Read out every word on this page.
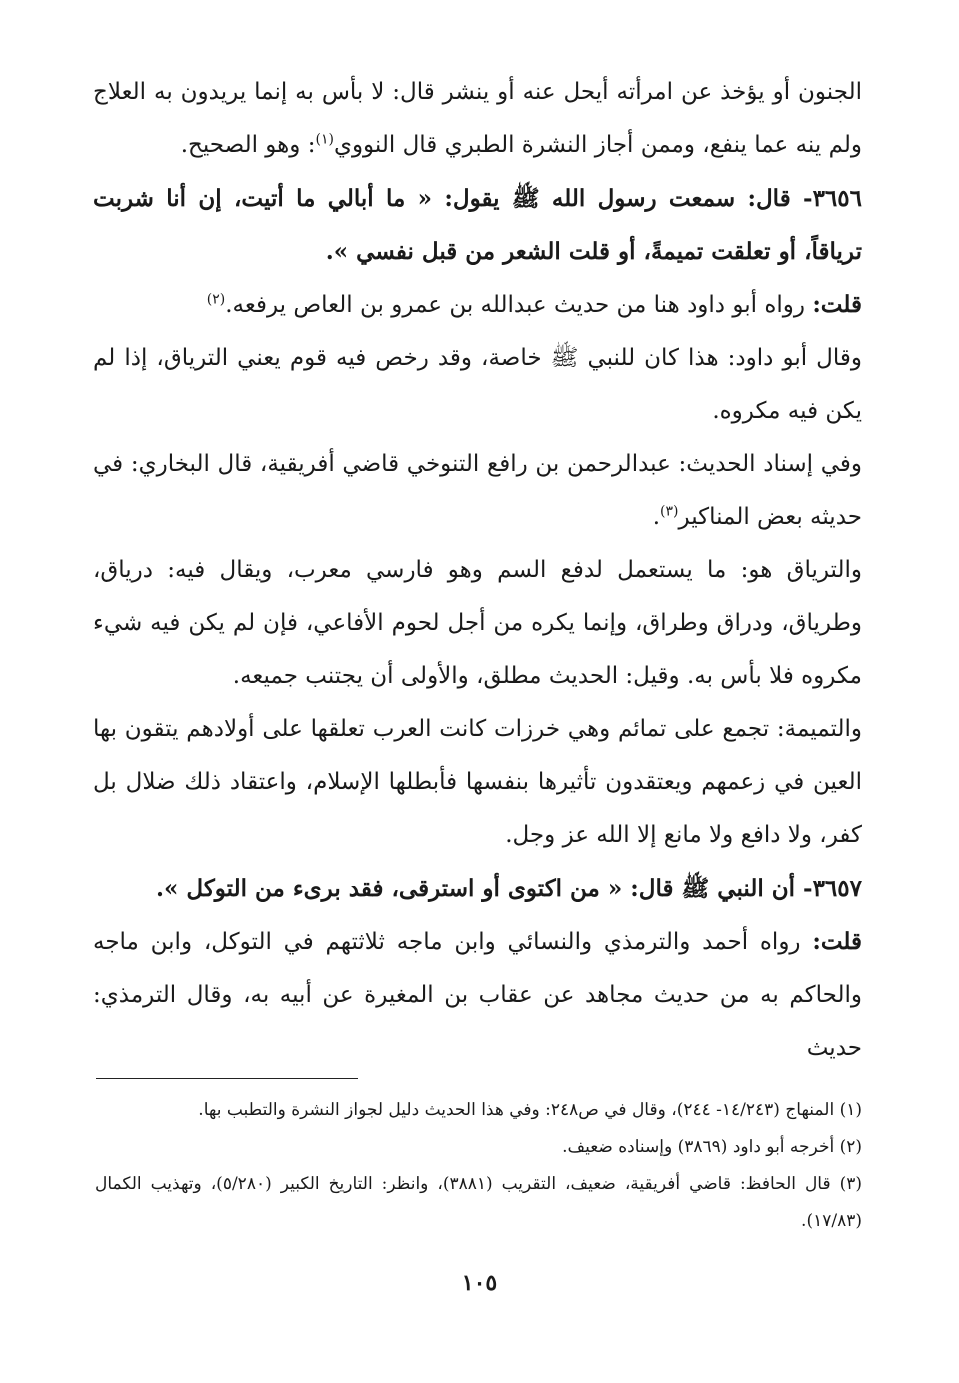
الجنون أو يؤخذ عن امرأته أيحل عنه أو ينشر قال: لا بأس به إنما يريدون به العلاج ولم ينه عما ينفع، وممن أجاز النشرة الطبري قال النووي$^{(١)}$: وهو الصحيح.

٣٦٥٦- قال: سمعت رسول الله ﷺ يقول: « ما أبالي ما أتيت، إن أنا شربت ترياقاً، أو تعلقت تميمةً، أو قلت الشعر من قبل نفسي ».

قلت: رواه أبو داود هنا من حديث عبدالله بن عمرو بن العاص يرفعه.$^{(٢)}$

وقال أبو داود: هذا كان للنبي ﷺ خاصة، وقد رخص فيه قوم يعني الترياق، إذا لم يكن فيه مكروه.

وفي إسناد الحديث: عبدالرحمن بن رافع التنوخي قاضي أفريقية، قال البخاري: في حديثه بعض المناكير$^{(٣)}$.

والترياق هو: ما يستعمل لدفع السم وهو فارسي معرب، ويقال فيه: درياق، وطرياق، ودراق وطراق، وإنما يكره من أجل لحوم الأفاعي، فإن لم يكن فيه شيء مكروه فلا بأس به. وقيل: الحديث مطلق، والأولى أن يجتنب جميعه.

والتميمة: تجمع على تمائم وهي خرزات كانت العرب تعلقها على أولادهم يتقون بها العين في زعمهم ويعتقدون تأثيرها بنفسها فأبطلها الإسلام، واعتقاد ذلك ضلال بل كفر، ولا دافع ولا مانع إلا الله عز وجل.

٣٦٥٧- أن النبي ﷺ قال: « من اكتوى أو استرقى، فقد برىء من التوكل ».

قلت: رواه أحمد والترمذي والنسائي وابن ماجه ثلاثتهم في التوكل، وابن ماجه والحاكم به من حديث مجاهد عن عقاب بن المغيرة عن أبيه به، وقال الترمذي: حديث

(١) المنهاج (١٤/٢٤٣- ٢٤٤)، وقال في ص٢٤٨: وفي هذا الحديث دليل لجواز النشرة والتطبب بها.

(٢) أخرجه أبو داود (٣٨٦٩) وإسناده ضعيف.

(٣) قال الحافظ: قاضي أفريقية، ضعيف، التقريب (٣٨٨١)، وانظر: التاريخ الكبير (٥/٢٨٠)، وتهذيب الكمال (١٧/٨٣).

١٠٥
